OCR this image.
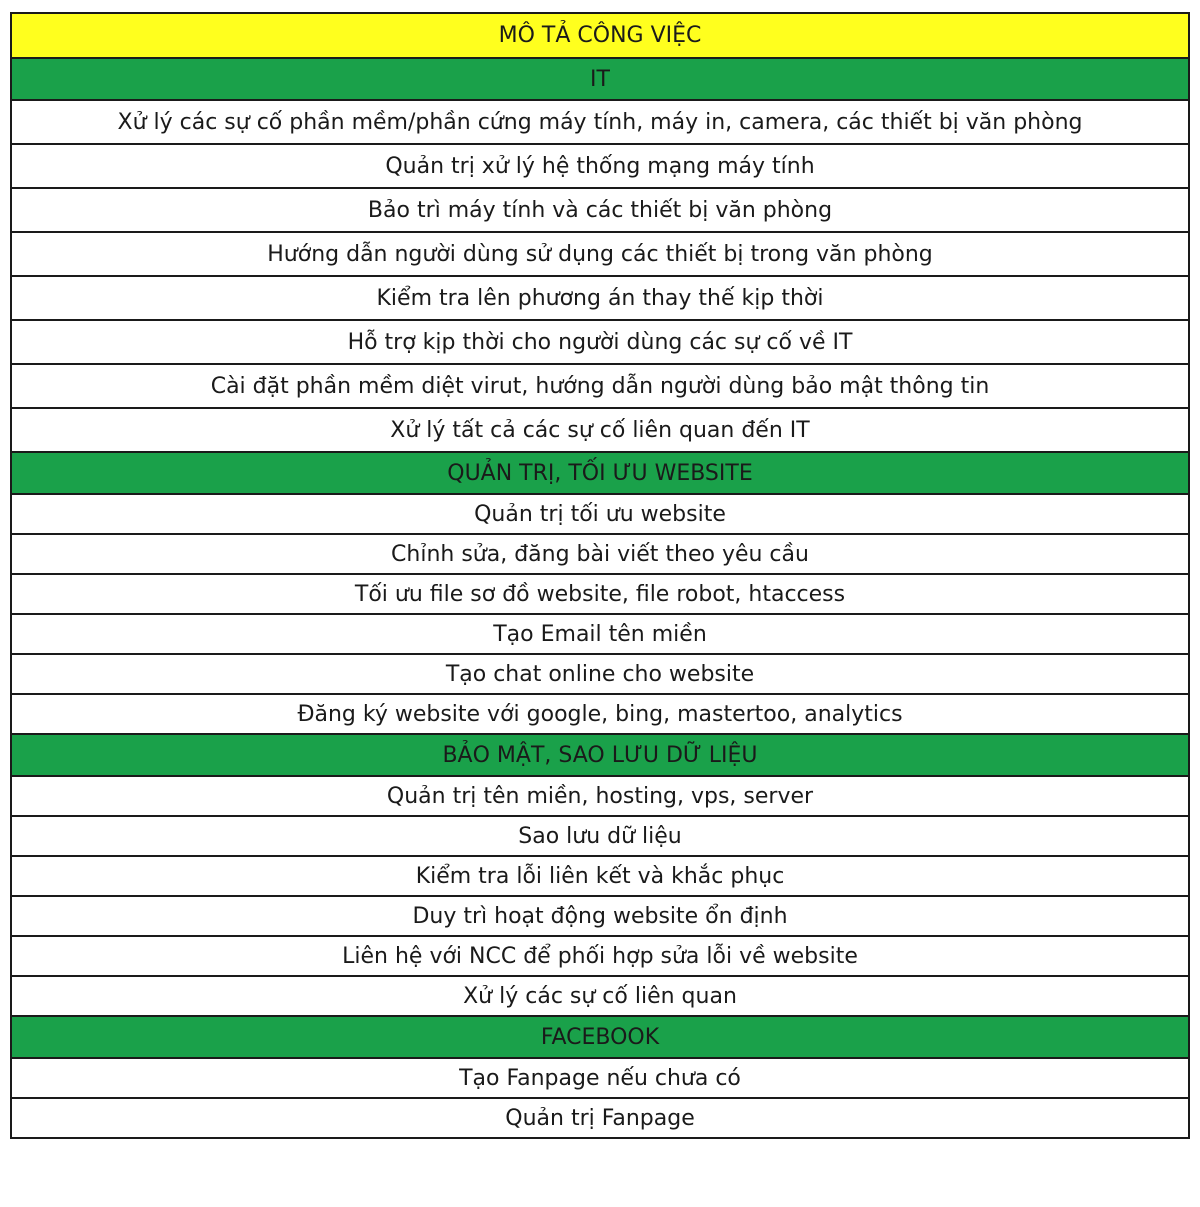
MÔ TẢ CÔNG VIỆC
IT
Xử lý các sự cố phần mềm/phần cứng máy tính, máy in, camera, các thiết bị văn phòng
Quản trị xử lý hệ thống mạng máy tính
Bảo trì máy tính và các thiết bị văn phòng
Hướng dẫn người dùng sử dụng các thiết bị trong văn phòng
Kiểm tra lên phương án thay thế kịp thời
Hỗ trợ kịp thời cho người dùng các sự cố về IT
Cài đặt phần mềm diệt virut, hướng dẫn người dùng bảo mật thông tin
Xử lý tất cả các sự cố liên quan đến IT
QUẢN TRỊ, TỐI ƯU WEBSITE
Quản trị tối ưu website
Chỉnh sửa, đăng bài viết theo yêu cầu
Tối ưu file sơ đồ website, file robot, htaccess
Tạo Email tên miền
Tạo chat online cho website
Đăng ký website với google, bing, mastertoo, analytics
BẢO MẬT, SAO LƯU DỮ LIỆU
Quản trị tên miền, hosting, vps, server
Sao lưu dữ liệu
Kiểm tra lỗi liên kết và khắc phục
Duy trì hoạt động website ổn định
Liên hệ với NCC để phối hợp sửa lỗi về website
Xử lý các sự cố liên quan
FACEBOOK
Tạo Fanpage nếu chưa có
Quản trị Fanpage
